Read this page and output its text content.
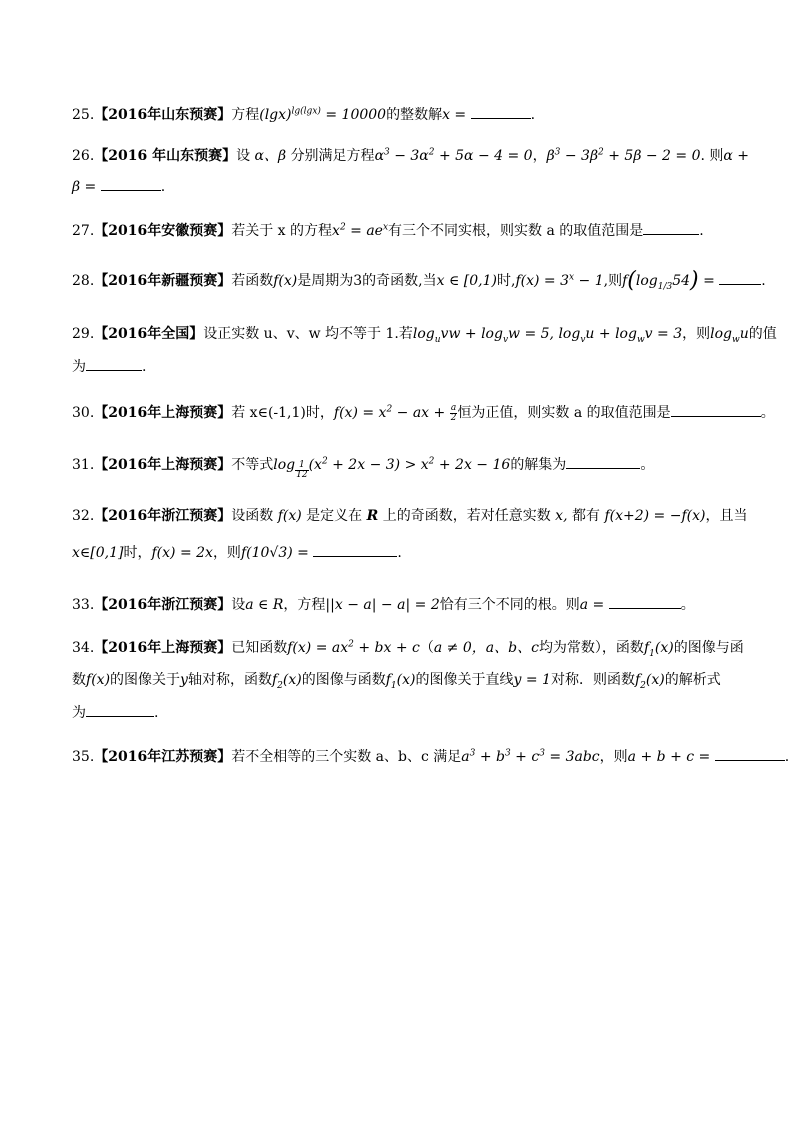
25.【2016年山东预赛】方程$(\lg x)^{lg(lgx)} = 10000$的整数解x =	.
26.【2016 年山东预赛】设 α、β 分别满足方程$\alpha^3 - 3\alpha^2 + 5\alpha - 4 = 0$，$\beta^3 - 3\beta^2 + 5\beta - 2 = 0$. 则α +
β =	.
27.【2016年安徽预赛】若关于 x 的方程$x^2 = ae^x$有三个不同实根，则实数 a 的取值范围是	.
28.【2016年新疆预赛】若函数f(x)是周期为3的奇函数,当x ∈ [0,1)时$,f(x) = 3^x - 1$,则$f(\log_{1/3}54)$ =	.
29.【2016年全国】设正实数 u、v、w 均不等于 1.若$\log_uvw + \log_vw = 5$, $\log_vu + \log_wv = 3$，则$\log_wu$的值
为	.
30.【2016年上海预赛】若 x∈(-1,1)时，$f(x) = x^2$ − ax + $\frac{a}{2}$ 恒为正值，则实数 a 的取值范围是	。
31.【2016年上海预赛】不等式log $_{\frac{1}{12}}$ $(x^2 + 2x - 3) > x^2 + 2x - 16$的解集为	。
32.【2016年浙江预赛】设函数 f(x) 是定义在 R 上的奇函数，若对任意实数 x, 都有 f(x+2) = −f(x)，且当
x∈[0,1]时，f(x) = 2x，则f(10√3) =	.
33.【2016年浙江预赛】设a ∈ R，方程||x − a| − a| = 2恰有三个不同的根。则a =	。
34.【2016年上海预赛】已知函数$f(x) = ax^2$ + bx + c（a ≠ 0，a、b、c均为常数），函数$f_1(x)$的图像与函
数f(x)的图像关于y轴对称，函数$f_2(x)$的图像与函数$f_1(x)$的图像关于直线y = 1对称．则函数$f_2(x)$的解析式
为	.
35.【2016年江苏预赛】若不全相等的三个实数 a、b、c 满足$a^3 + b^3 + c^3 = 3abc$，则a + b + c =	.
